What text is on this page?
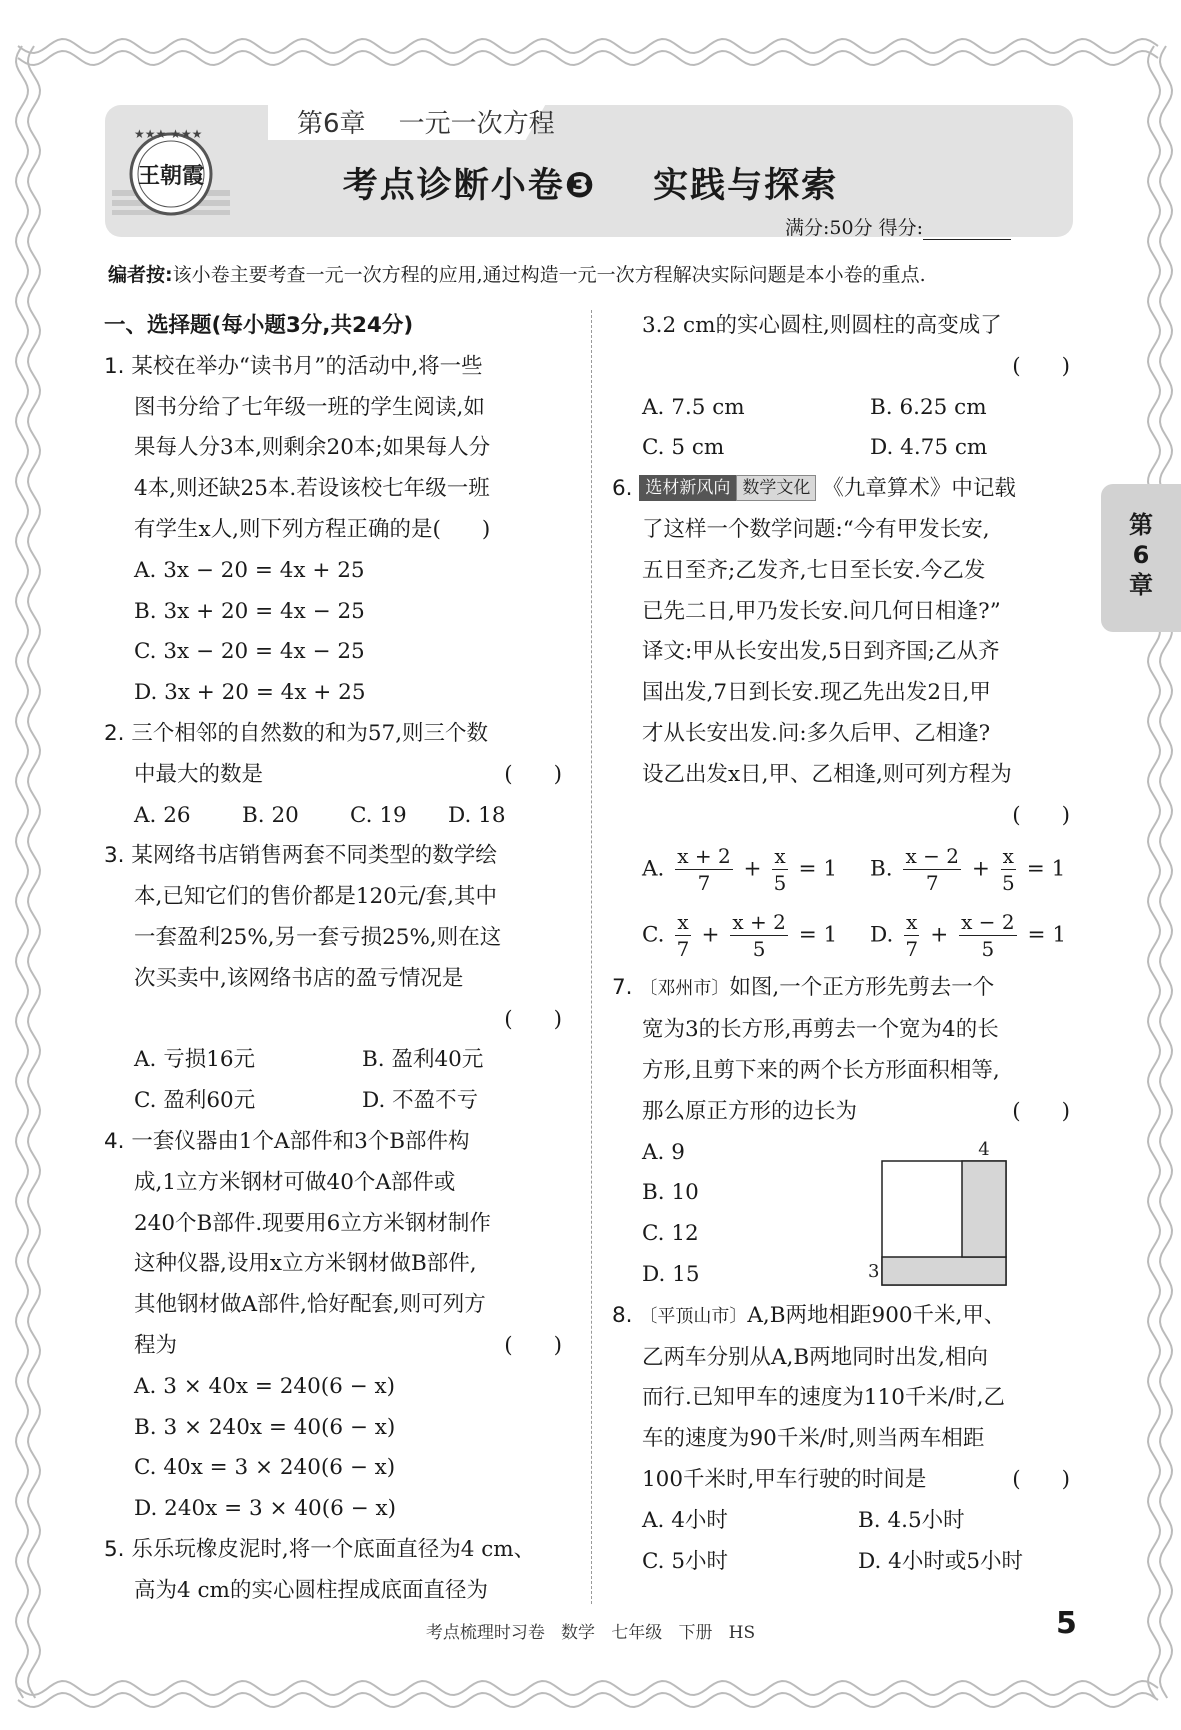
第6章    一元一次方程
★★★ ★★★
王朝霞	考点诊断小卷❸    实践与探索
满分:50分 得分:
编者按:该小卷主要考查一元一次方程的应用,通过构造一元一次方程解决实际问题是本小卷的重点.

一、选择题(每小题3分,共24分)

1. 某校在举办“读书月”的活动中,将一些

图书分给了七年级一班的学生阅读,如

果每人分3本,则剩余20本;如果每人分

4本,则还缺25本.若设该校七年级一班

有学生x人,则下列方程正确的是(      )

A. 3x − 20 = 4x + 25

B. 3x + 20 = 4x − 25

C. 3x − 20 = 4x − 25

D. 3x + 20 = 4x + 25

2. 三个相邻的自然数的和为57,则三个数

中最大的数是	(      )

A. 26	B. 20	C. 19	D. 18

3. 某网络书店销售两套不同类型的数学绘

本,已知它们的售价都是120元/套,其中

一套盈利25%,另一套亏损25%,则在这

次买卖中,该网络书店的盈亏情况是

(      )

A. 亏损16元	B. 盈利40元
C. 盈利60元	D. 不盈不亏

4. 一套仪器由1个A部件和3个B部件构

成,1立方米钢材可做40个A部件或

240个B部件.现要用6立方米钢材制作

这种仪器,设用x立方米钢材做B部件,

其他钢材做A部件,恰好配套,则可列方

程为	(      )

A. 3 × 40x = 240(6 − x)

B. 3 × 240x = 40(6 − x)

C. 40x = 3 × 240(6 − x)

D. 240x = 3 × 40(6 − x)

5. 乐乐玩橡皮泥时,将一个底面直径为4 cm、

高为4 cm的实心圆柱捏成底面直径为

3.2 cm的实心圆柱,则圆柱的高变成了

(      )

A. 7.5 cm	B. 6.25 cm
C. 5 cm	D. 4.75 cm

6. 选材新风向 数学文化 《九章算术》中记载

了这样一个数学问题:“今有甲发长安,

五日至齐;乙发齐,七日至长安.今乙发

已先二日,甲乃发长安.问几何日相逢?”

译文:甲从长安出发,5日到齐国;乙从齐

国出发,7日到长安.现乙先出发2日,甲

才从长安出发.问:多久后甲、乙相逢?

设乙出发x日,甲、乙相逢,则可列方程为

(      )

A. $\frac{x + 2}{7} + \frac{x}{5} = 1$	B. $\frac{x - 2}{7} + \frac{x}{5} = 1$
C. $\frac{x}{7} + \frac{x + 2}{5} = 1$	D. $\frac{x}{7} + \frac{x - 2}{5} = 1$

7. 〔邓州市〕如图,一个正方形先剪去一个

宽为3的长方形,再剪去一个宽为4的长

方形,且剪下来的两个长方形面积相等,

那么原正方形的边长为	(      )

A. 9

B. 10

C. 12

D. 15

8. 〔平顶山市〕A,B两地相距900千米,甲、

乙两车分别从A,B两地同时出发,相向

而行.已知甲车的速度为110千米/时,乙

车的速度为90千米/时,则当两车相距

100千米时,甲车行驶的时间是	(      )

A. 4小时	B. 4.5小时
C. 5小时	D. 4小时或5小时
4
3
第
6
章
考点梳理时习卷   数学   七年级   下册   HS	5
